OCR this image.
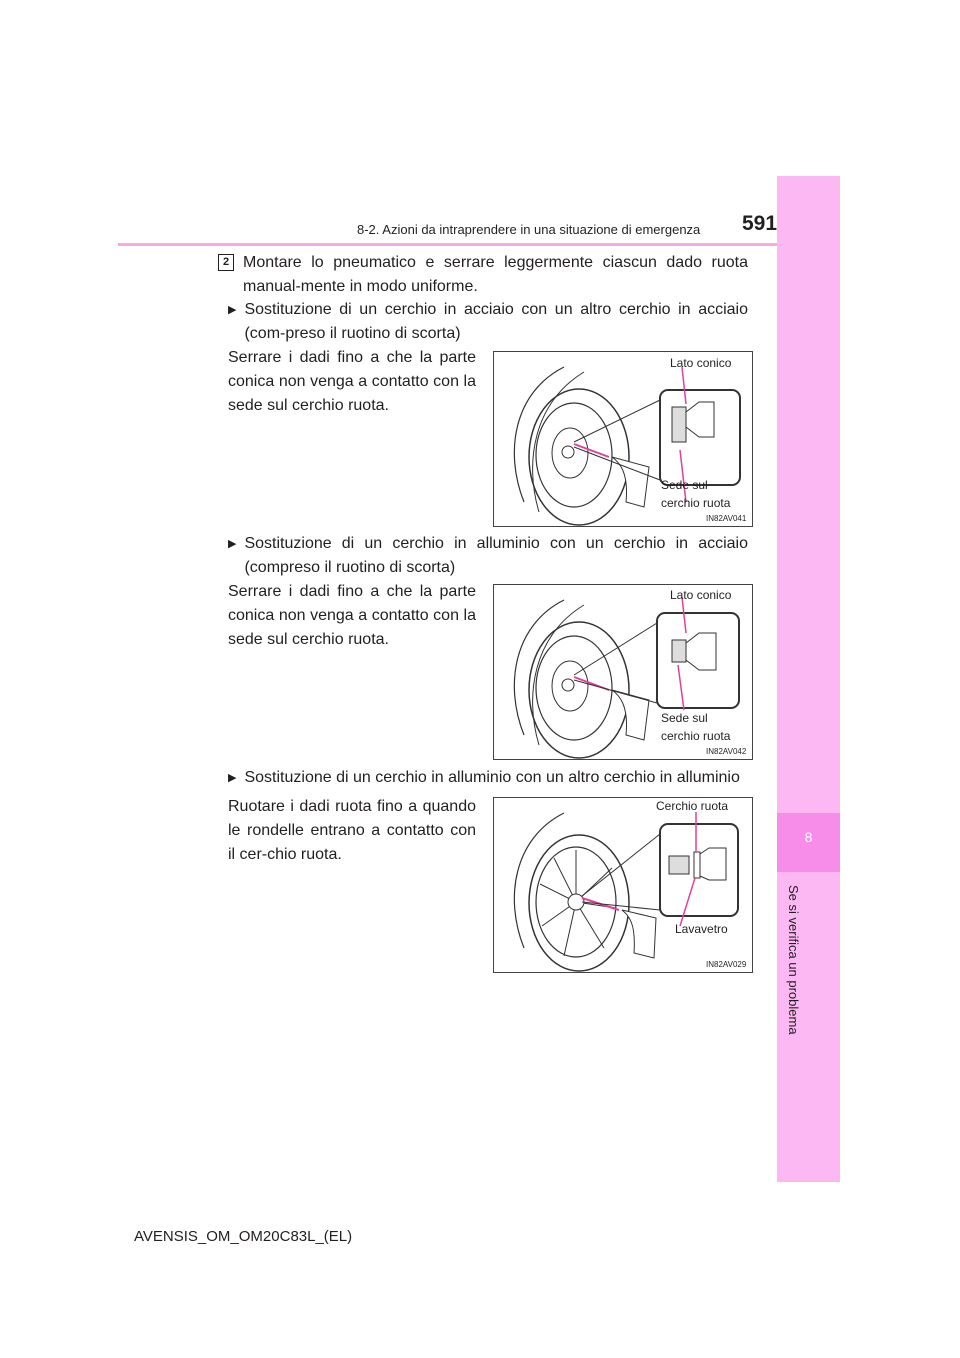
591
8-2. Azioni da intraprendere in una situazione di emergenza
8
Se si verifica un problema
2 Montare lo pneumatico e serrare leggermente ciascun dado ruota manual-mente in modo uniforme.
▶ Sostituzione di un cerchio in acciaio con un altro cerchio in acciaio (com-preso il ruotino di scorta)
Serrare i dadi fino a che la parte conica non venga a contatto con la sede sul cerchio ruota.
Lato conico
Sede sul
cerchio ruota
IN82AV041
▶ Sostituzione di un cerchio in alluminio con un cerchio in acciaio (compreso il ruotino di scorta)
Serrare i dadi fino a che la parte conica non venga a contatto con la sede sul cerchio ruota.
Lato conico
Sede sul
cerchio ruota
IN82AV042
▶ Sostituzione di un cerchio in alluminio con un altro cerchio in alluminio
Ruotare i dadi ruota fino a quando le rondelle entrano a contatto con il cer-chio ruota.
Cerchio ruota
Lavavetro
IN82AV029
AVENSIS_OM_OM20C83L_(EL)
